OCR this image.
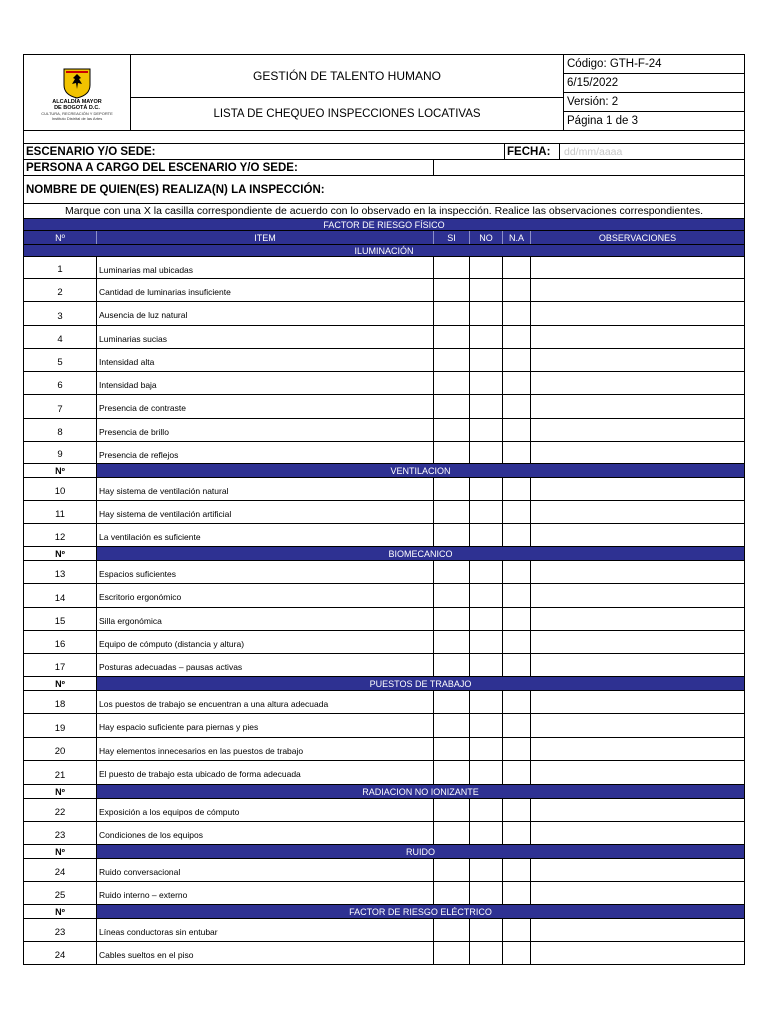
ALCALDÍA MAYOR
DE BOGOTÁ D.C.
CULTURA, RECREACIÓN Y DEPORTE
Instituto Distrital de las Artes
GESTIÓN DE TALENTO HUMANO
LISTA DE CHEQUEO INSPECCIONES LOCATIVAS
Código: GTH-F-24
6/15/2022
Versión: 2
Página 1 de 3
ESCENARIO Y/O SEDE:	FECHA:	dd/mm/aaaa
PERSONA A CARGO DEL ESCENARIO Y/O SEDE:
NOMBRE DE QUIEN(ES) REALIZA(N) LA INSPECCIÓN:
Marque con una X la casilla correspondiente de acuerdo con lo observado en la inspección. Realice las observaciones correspondientes.
FACTOR DE RIESGO FÍSICO
Nº	ITEM	SI	NO	N.A	OBSERVACIONES
ILUMINACIÓN
1	Luminarias mal ubicadas
2	Cantidad de luminarias insuficiente
3	Ausencia de luz natural
4	Luminarias sucias
5	Intensidad alta
6	Intensidad baja
7	Presencia de contraste
8	Presencia de brillo
9	Presencia de reflejos
Nº	VENTILACION
10	Hay sistema de ventilación natural
11	Hay sistema de ventilación artificial
12	La ventilación es suficiente
Nº	BIOMECANICO
13	Espacios suficientes
14	Escritorio ergonómico
15	Silla ergonómica
16	Equipo de cómputo (distancia y altura)
17	Posturas adecuadas – pausas activas
Nº	PUESTOS DE TRABAJO
18	Los puestos de trabajo se encuentran a una altura adecuada
19	Hay espacio suficiente para piernas y pies
20	Hay elementos innecesarios en las puestos de trabajo
21	El puesto de trabajo esta ubicado de forma adecuada
Nº	RADIACION NO IONIZANTE
22	Exposición a los equipos de cómputo
23	Condiciones de los equipos
Nº	RUIDO
24	Ruido conversacional
25	Ruido interno – externo
Nº	FACTOR DE RIESGO ELÉCTRICO
23	Líneas conductoras sin entubar
24	Cables sueltos en el piso
